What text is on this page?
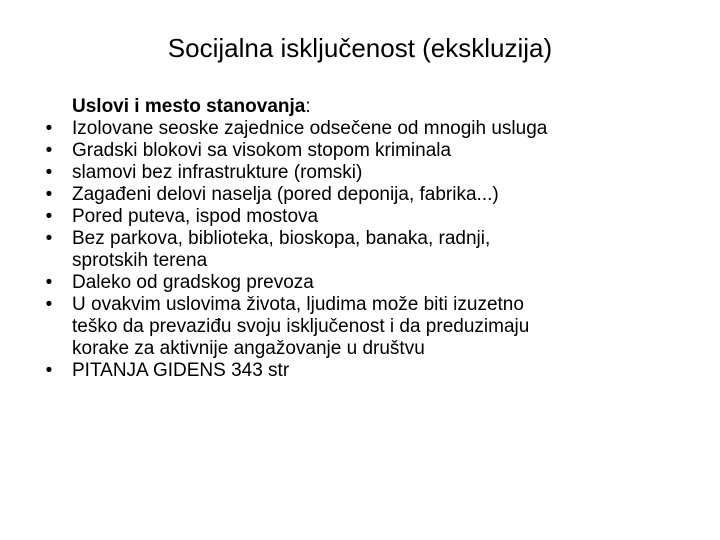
Socijalna isključenost (ekskluzija)
Uslovi i mesto stanovanja:
• Izolovane seoske zajednice odsečene od mnogih usluga
• Gradski blokovi sa visokom stopom kriminala
• slamovi bez infrastrukture (romski)
• Zagađeni delovi naselja (pored deponija, fabrika...)
• Pored puteva, ispod mostova
• Bez parkova, biblioteka, bioskopa, banaka, radnji,
sprotskih terena
• Daleko od gradskog prevoza
• U ovakvim uslovima života, ljudima može biti izuzetno
teško da prevaziđu svoju isključenost i da preduzimaju
korake za aktivnije angažovanje u društvu
• PITANJA GIDENS 343 str
